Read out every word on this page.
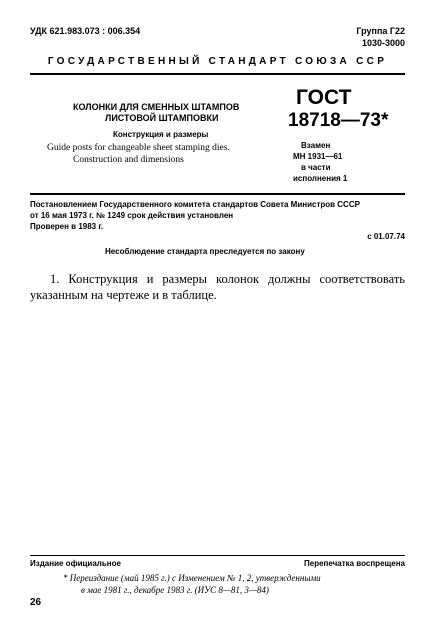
УДК 621.983.073 : 006.354	Группа Г22
1030-3000
ГОСУДАРСТВЕННЫЙ СТАНДАРТ СОЮЗА ССР
КОЛОНКИ ДЛЯ СМЕННЫХ ШТАМПОВ
ЛИСТОВОЙ ШТАМПОВКИ
Конструкция и размеры
Guide posts for changeable sheet stamping dies.
Construction and dimensions
ГОСТ
18718—73*
Взамен
МН 1931—61
в части
исполнения 1
Постановлением Государственного комитета стандартов Совета Министров СССР
от 16 мая 1973 г. № 1249 срок действия установлен
Проверен в 1983 г.
с 01.07.74
Несоблюдение стандарта преследуется по закону
1. Конструкция и размеры колонок должны соответствовать
указанным на чертеже и в таблице.
Издание официальное	Перепечатка воспрещена
* Переиздание (май 1985 г.) с Изменением № 1, 2, утвержденными
в мае 1981 г., декабре 1983 г. (ИУС 8—81, 3—84)
26
